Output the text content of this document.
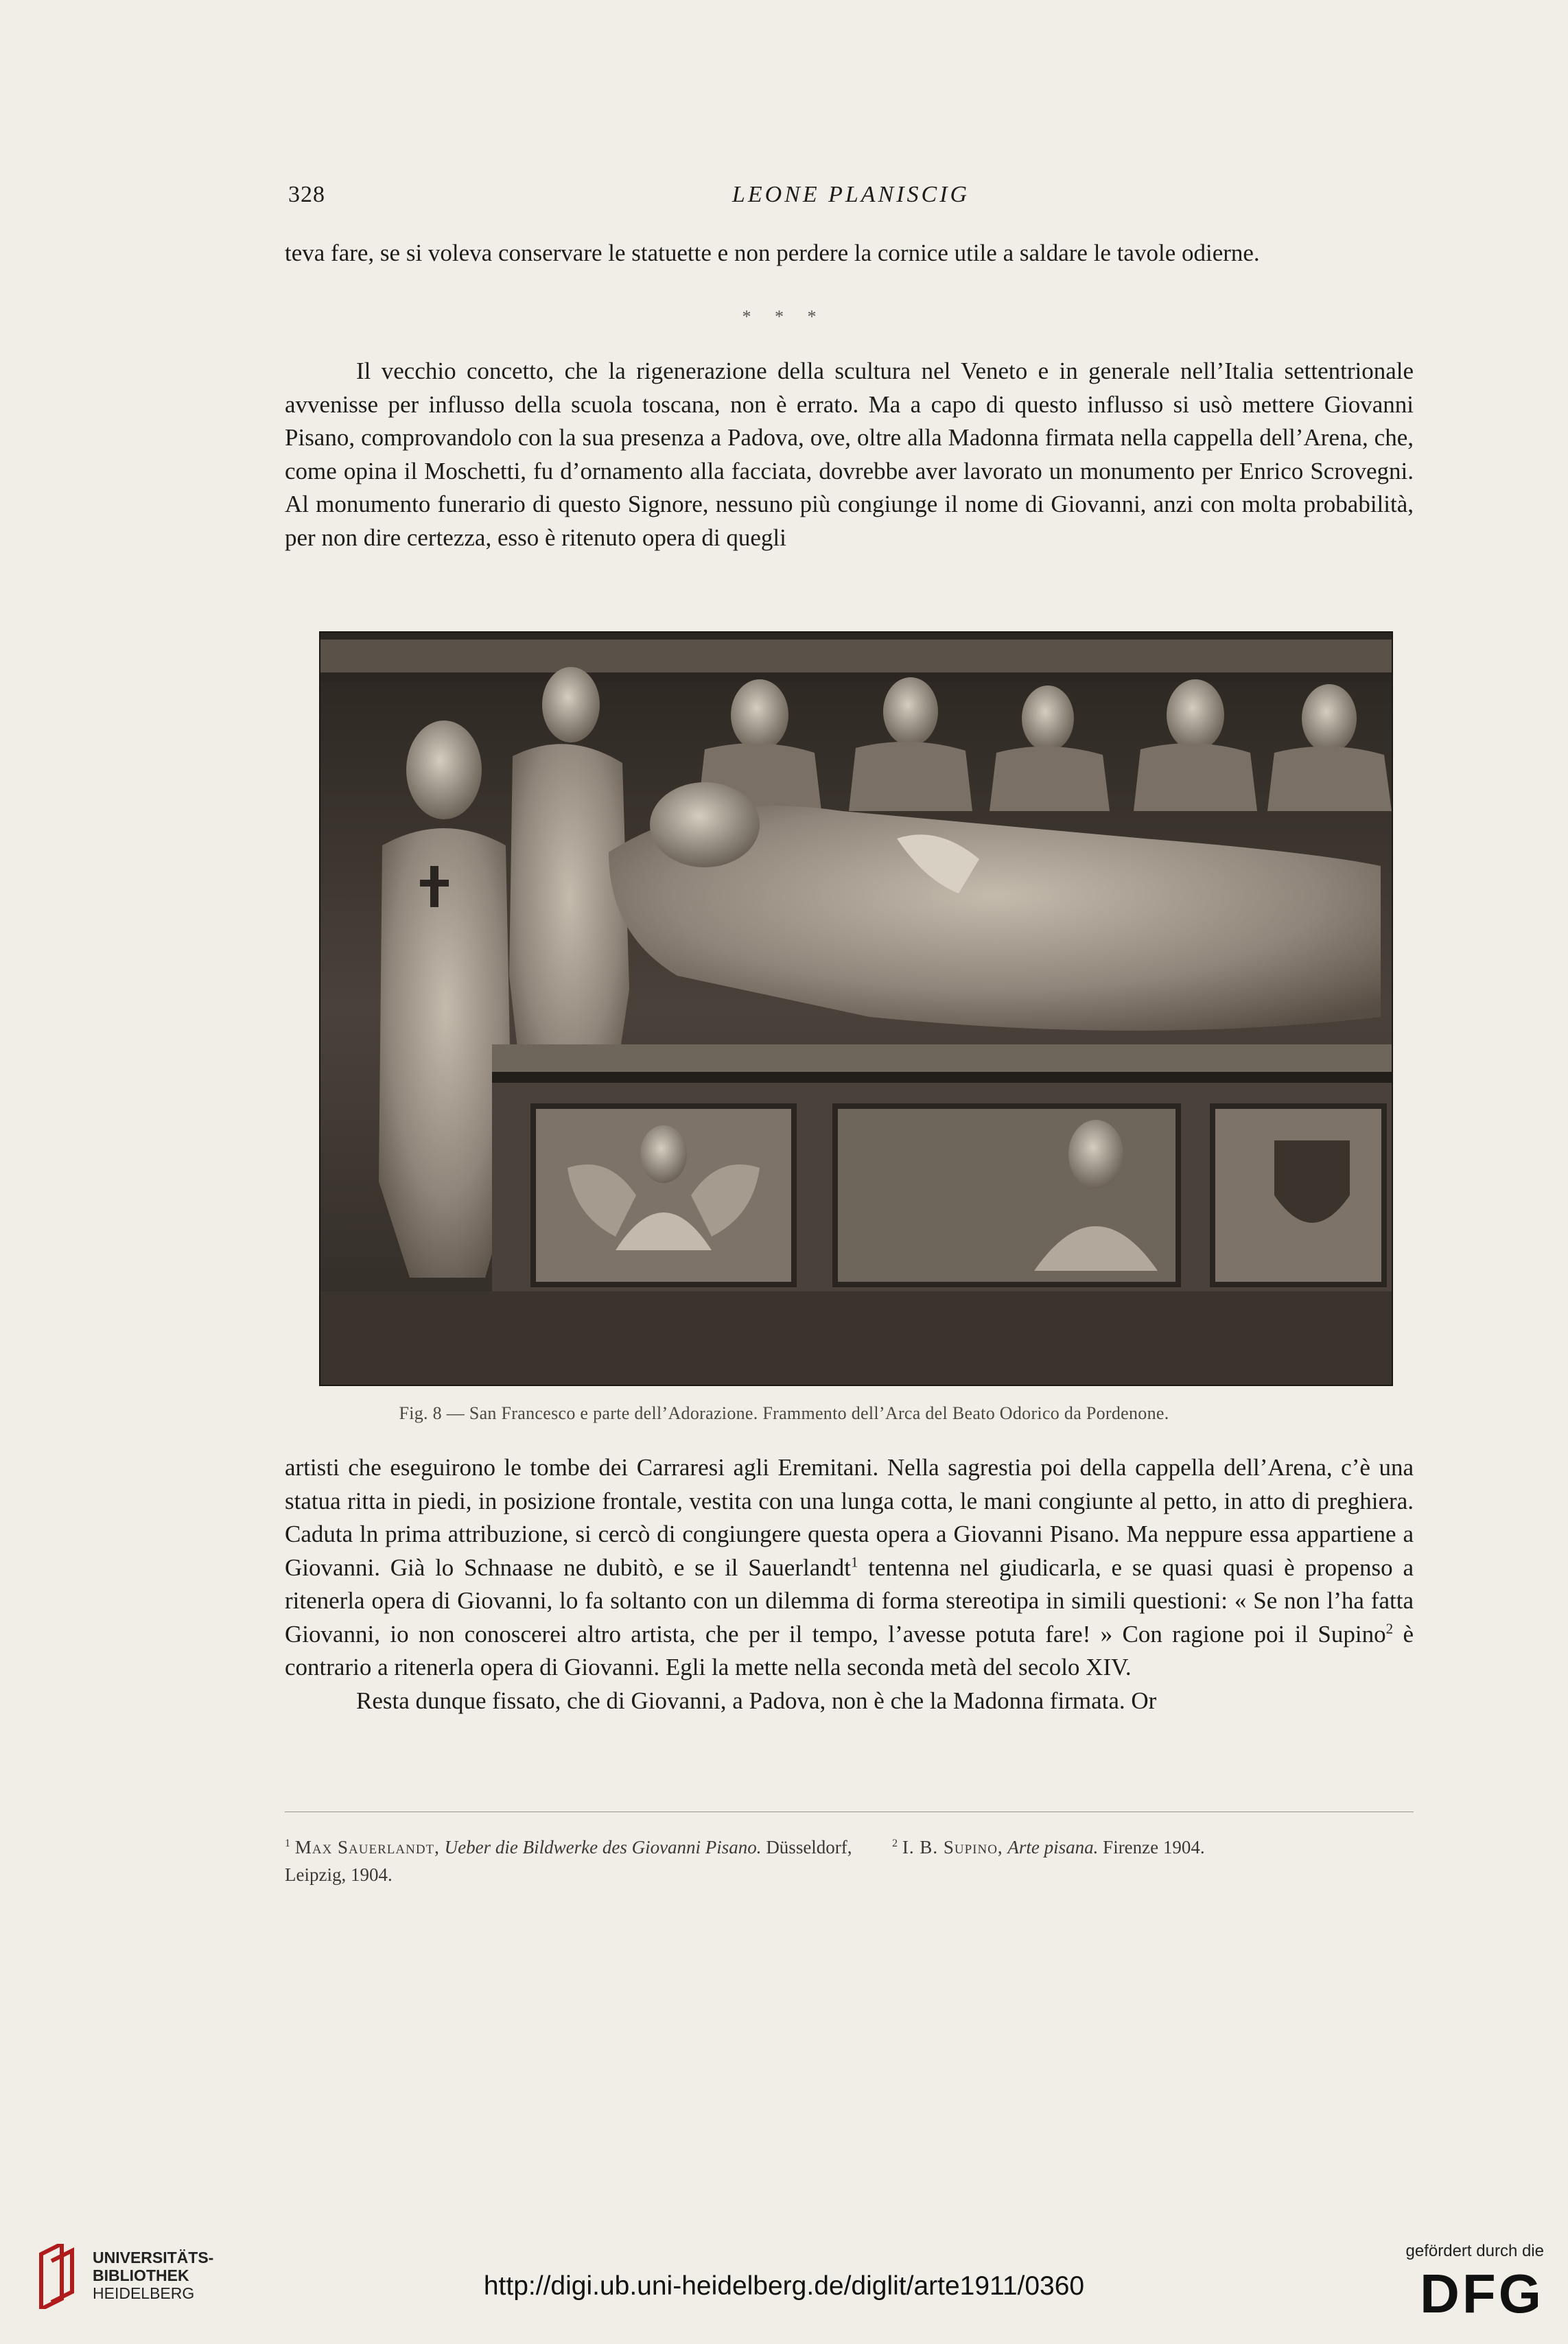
328	LEONE PLANISCIG

teva fare, se si voleva conservare le statuette e non perdere la cornice utile a saldare le tavole odierne.

* * *

Il vecchio concetto, che la rigenerazione della scultura nel Veneto e in generale nell’Italia settentrionale avvenisse per influsso della scuola toscana, non è errato. Ma a capo di questo influsso si usò mettere Giovanni Pisano, comprovandolo con la sua presenza a Padova, ove, oltre alla Madonna firmata nella cappella dell’Arena, che, come opina il Moschetti, fu d’ornamento alla facciata, dovrebbe aver lavorato un monumento per Enrico Scrovegni. Al monumento funerario di questo Signore, nessuno più congiunge il nome di Giovanni, anzi con molta probabilità, per non dire certezza, esso è ritenuto opera di quegli

Fig. 8 — San Francesco e parte dell’Adorazione. Frammento dell’Arca del Beato Odorico da Pordenone.

artisti che eseguirono le tombe dei Carraresi agli Eremitani. Nella sagrestia poi della cappella dell’Arena, c’è una statua ritta in piedi, in posizione frontale, vestita con una lunga cotta, le mani congiunte al petto, in atto di preghiera. Caduta ln prima attribuzione, si cercò di congiungere questa opera a Giovanni Pisano. Ma neppure essa appartiene a Giovanni. Già lo Schnaase ne dubitò, e se il Sauerlandt$^1$ tentenna nel giudicarla, e se quasi quasi è propenso a ritenerla opera di Giovanni, lo fa soltanto con un dilemma di forma stereotipa in simili questioni: « Se non l’ha fatta Giovanni, io non conoscerei altro artista, che per il tempo, l’avesse potuta fare! » Con ragione poi il Supino$^2$ è contrario a ritenerla opera di Giovanni. Egli la mette nella seconda metà del secolo XIV.

Resta dunque fissato, che di Giovanni, a Padova, non è che la Madonna firmata. Or

$^1$ Max Sauerlandt, Ueber die Bildwerke des Giovanni Pisano. Düsseldorf, Leipzig, 1904.
$^2$ I. B. Supino, Arte pisana. Firenze 1904.
UNIVERSITÄTS-
BIBLIOTHEK
HEIDELBERG	http://digi.ub.uni-heidelberg.de/diglit/arte1911/0360
gefördert durch die
DFG
